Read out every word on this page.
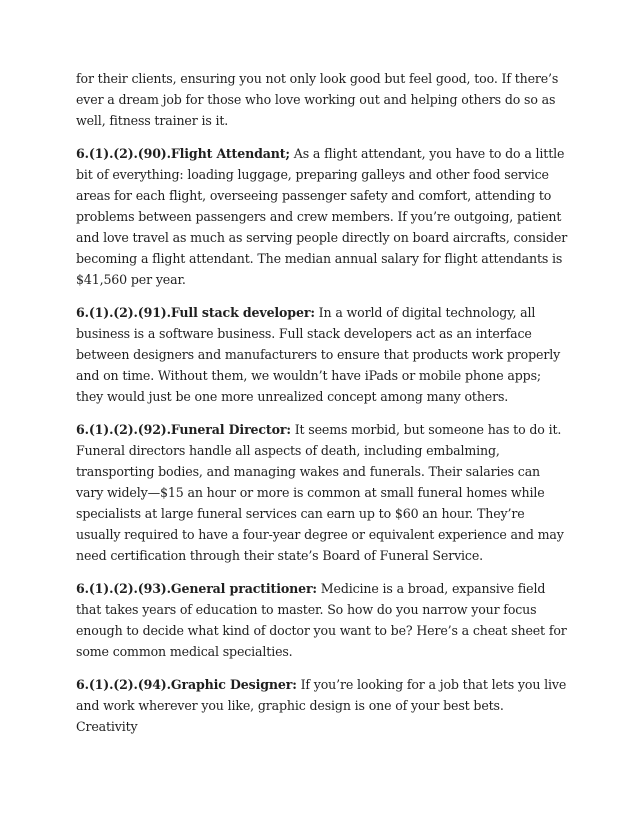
for their clients, ensuring you not only look good but feel good, too. If there’s ever a dream job for those who love working out and helping others do so as well, fitness trainer is it.

6.(1).(2).(90).Flight Attendant; As a flight attendant, you have to do a little bit of everything: loading luggage, preparing galleys and other food service areas for each flight, overseeing passenger safety and comfort, attending to problems between passengers and crew members. If you’re outgoing, patient and love travel as much as serving people directly on board aircrafts, consider becoming a flight attendant. The median annual salary for flight attendants is $41,560 per year.

6.(1).(2).(91).Full stack developer: In a world of digital technology, all business is a software business. Full stack developers act as an interface between designers and manufacturers to ensure that products work properly and on time. Without them, we wouldn’t have iPads or mobile phone apps; they would just be one more unrealized concept among many others.

6.(1).(2).(92).Funeral Director: It seems morbid, but someone has to do it. Funeral directors handle all aspects of death, including embalming, transporting bodies, and managing wakes and funerals. Their salaries can vary widely—$15 an hour or more is common at small funeral homes while specialists at large funeral services can earn up to $60 an hour. They’re usually required to have a four-year degree or equivalent experience and may need certification through their state’s Board of Funeral Service.

6.(1).(2).(93).General practitioner: Medicine is a broad, expansive field that takes years of education to master. So how do you narrow your focus enough to decide what kind of doctor you want to be? Here’s a cheat sheet for some common medical specialties.

6.(1).(2).(94).Graphic Designer: If you’re looking for a job that lets you live and work wherever you like, graphic design is one of your best bets. Creativity
